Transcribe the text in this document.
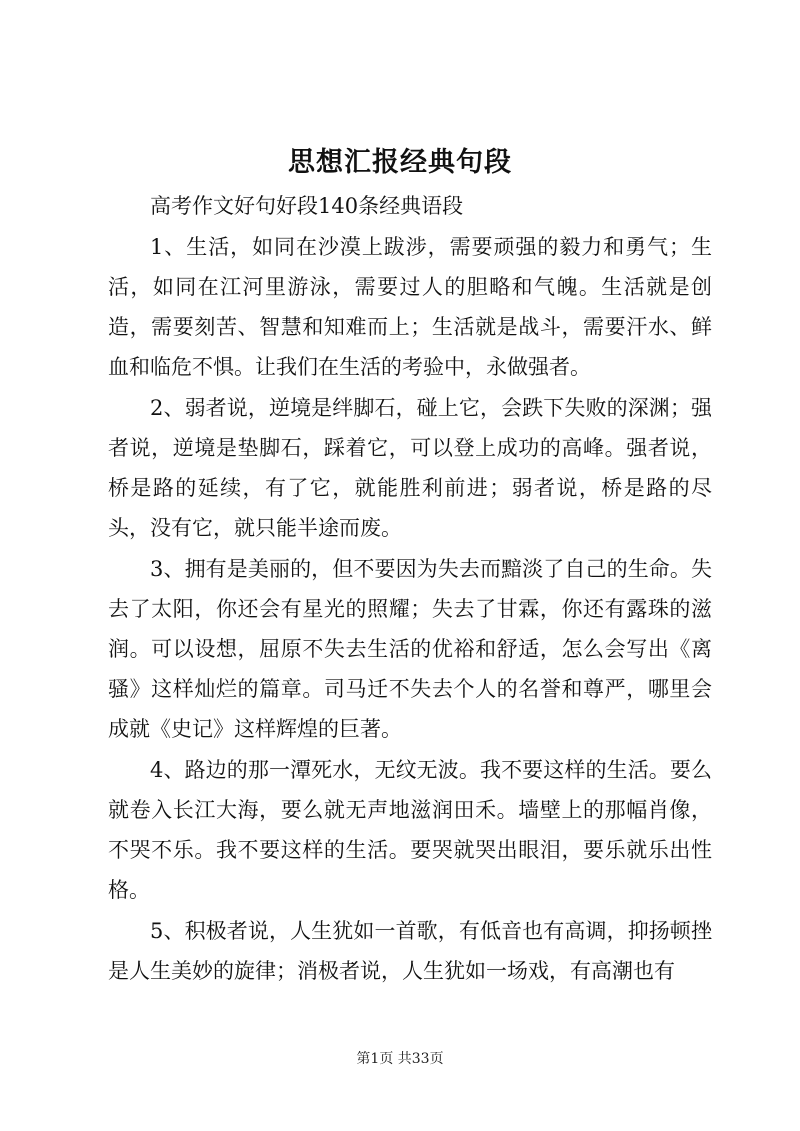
思想汇报经典句段

高考作文好句好段140条经典语段

1、生活，如同在沙漠上跋涉，需要顽强的毅力和勇气；生活，如同在江河里游泳，需要过人的胆略和气魄。生活就是创造，需要刻苦、智慧和知难而上；生活就是战斗，需要汗水、鲜血和临危不惧。让我们在生活的考验中，永做强者。

2、弱者说，逆境是绊脚石，碰上它，会跌下失败的深渊；强者说，逆境是垫脚石，踩着它，可以登上成功的高峰。强者说，桥是路的延续，有了它，就能胜利前进；弱者说，桥是路的尽头，没有它，就只能半途而废。

3、拥有是美丽的，但不要因为失去而黯淡了自己的生命。失去了太阳，你还会有星光的照耀；失去了甘霖，你还有露珠的滋润。可以设想，屈原不失去生活的优裕和舒适，怎么会写出《离骚》这样灿烂的篇章。司马迁不失去个人的名誉和尊严，哪里会成就《史记》这样辉煌的巨著。

4、路边的那一潭死水，无纹无波。我不要这样的生活。要么就卷入长江大海，要么就无声地滋润田禾。墙壁上的那幅肖像，不哭不乐。我不要这样的生活。要哭就哭出眼泪，要乐就乐出性格。

5、积极者说，人生犹如一首歌，有低音也有高调，抑扬顿挫是人生美妙的旋律；消极者说，人生犹如一场戏，有高潮也有

第1页 共33页
